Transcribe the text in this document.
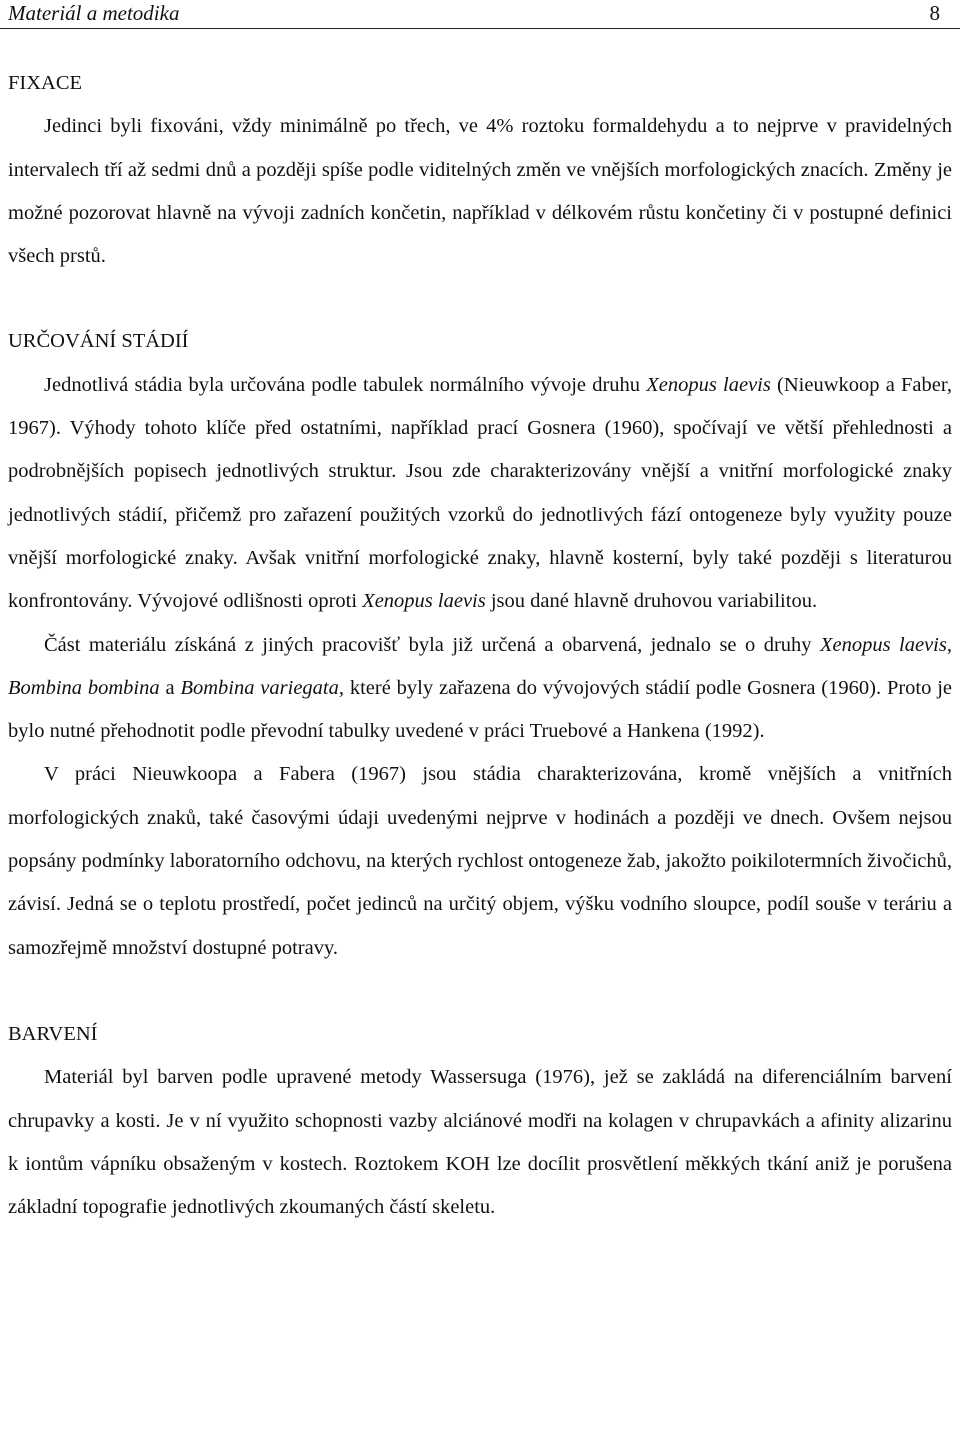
Materiál a metodika	8
FIXACE

Jedinci byli fixováni, vždy minimálně po třech, ve 4% roztoku formaldehydu a to nejprve v pravidelných intervalech tří až sedmi dnů a později spíše podle viditelných změn ve vnějších morfologických znacích. Změny je možné pozorovat hlavně na vývoji zadních končetin, například v délkovém růstu končetiny či v postupné definici všech prstů.

URČOVÁNÍ STÁDIÍ

Jednotlivá stádia byla určována podle tabulek normálního vývoje druhu Xenopus laevis (Nieuwkoop a Faber, 1967). Výhody tohoto klíče před ostatními, například prací Gosnera (1960), spočívají ve větší přehlednosti a podrobnějších popisech jednotlivých struktur. Jsou zde charakterizovány vnější a vnitřní morfologické znaky jednotlivých stádií, přičemž pro zařazení použitých vzorků do jednotlivých fází ontogeneze byly využity pouze vnější morfologické znaky. Avšak vnitřní morfologické znaky, hlavně kosterní, byly také později s literaturou konfrontovány. Vývojové odlišnosti oproti Xenopus laevis jsou dané hlavně druhovou variabilitou.

Část materiálu získáná z jiných pracovišť byla již určená a obarvená, jednalo se o druhy Xenopus laevis, Bombina bombina a Bombina variegata, které byly zařazena do vývojových stádií podle Gosnera (1960). Proto je bylo nutné přehodnotit podle převodní tabulky uvedené v práci Truebové a Hankena (1992).

V práci Nieuwkoopa a Fabera (1967) jsou stádia charakterizována, kromě vnějších a vnitřních morfologických znaků, také časovými údaji uvedenými nejprve v hodinách a později ve dnech. Ovšem nejsou popsány podmínky laboratorního odchovu, na kterých rychlost ontogeneze žab, jakožto poikilotermních živočichů, závisí. Jedná se o teplotu prostředí, počet jedinců na určitý objem, výšku vodního sloupce, podíl souše v teráriu a samozřejmě množství dostupné potravy.

BARVENÍ

Materiál byl barven podle upravené metody Wassersuga (1976), jež se zakládá na diferenciálním barvení chrupavky a kosti. Je v ní využito schopnosti vazby alciánové modři na kolagen v chrupavkách a afinity alizarinu k iontům vápníku obsaženým v kostech. Roztokem KOH lze docílit prosvětlení měkkých tkání aniž je porušena základní topografie jednotlivých zkoumaných částí skeletu.
